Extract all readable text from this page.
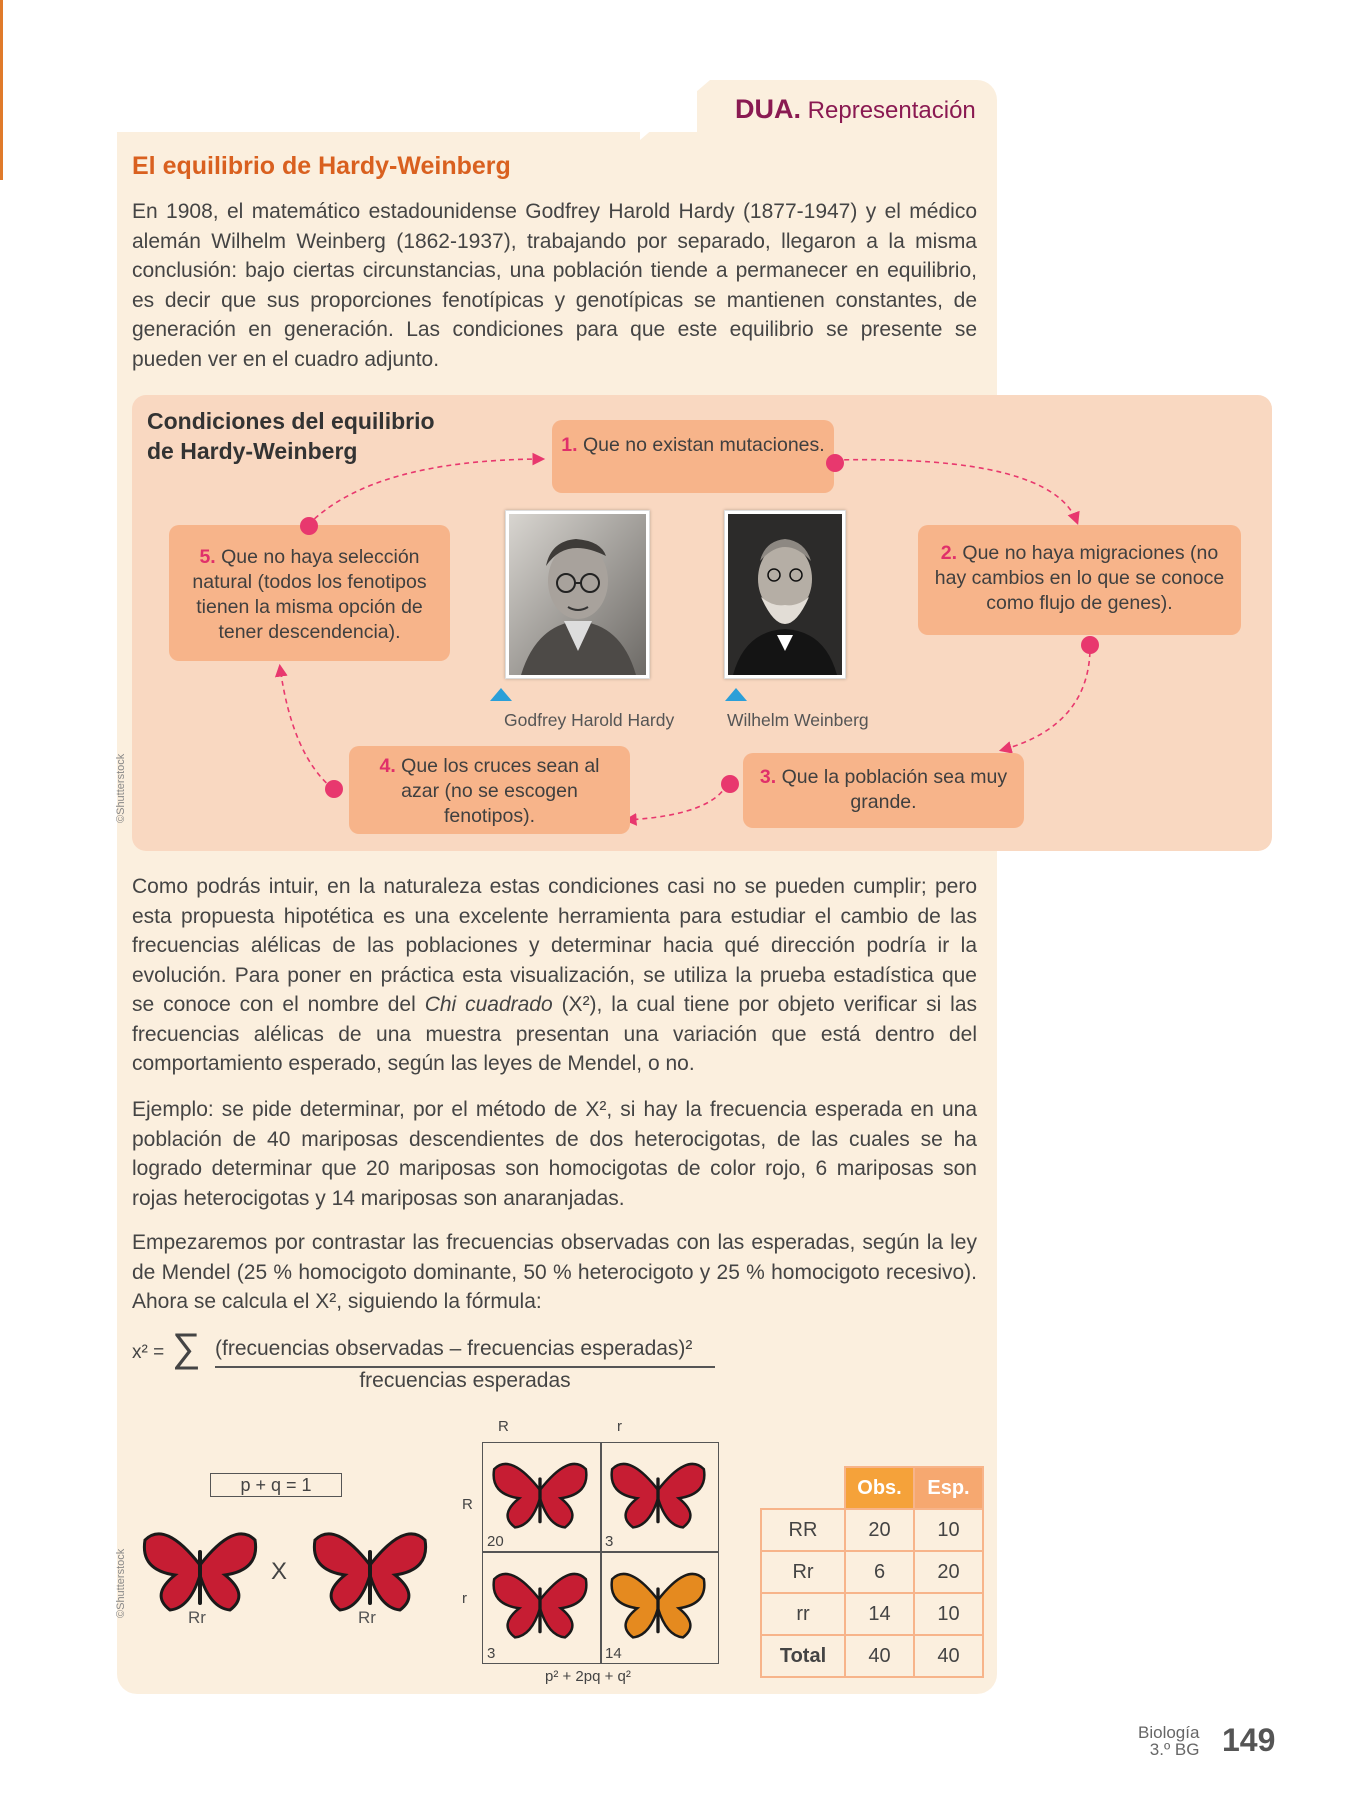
DUA. Representación
El equilibrio de Hardy-Weinberg

En 1908, el matemático estadounidense Godfrey Harold Hardy (1877-1947) y el médico alemán Wilhelm Weinberg (1862-1937), trabajando por separado, llegaron a la misma conclusión: bajo ciertas circunstancias, una población tiende a permanecer en equilibrio, es decir que sus proporciones fenotípicas y genotípicas se mantienen constantes, de generación en generación. Las condiciones para que este equilibrio se presente se pueden ver en el cuadro adjunto.

Condiciones del equilibrio
de Hardy-Weinberg	1. Que no existan mutaciones.
2. Que no haya migraciones (no hay cambios en lo que se conoce como flujo de genes).
3. Que la población sea muy grande.
4. Que los cruces sean al azar (no se escogen fenotipos).
5. Que no haya selección natural (todos los fenotipos tienen la misma opción de tener descendencia).
Godfrey Harold Hardy	Wilhelm Weinberg
©Shutterstock

Como podrás intuir, en la naturaleza estas condiciones casi no se pueden cumplir; pero esta propuesta hipotética es una excelente herramienta para estudiar el cambio de las frecuencias alélicas de las poblaciones y determinar hacia qué dirección podría ir la evolución. Para poner en práctica esta visualización, se utiliza la prueba estadística que se conoce con el nombre del Chi cuadrado (X²), la cual tiene por objeto verificar si las frecuencias alélicas de una muestra presentan una variación que está dentro del comportamiento esperado, según las leyes de Mendel, o no.

Ejemplo: se pide determinar, por el método de X², si hay la frecuencia esperada en una población de 40 mariposas descendientes de dos heterocigotas, de las cuales se ha logrado determinar que 20 mariposas son homocigotas de color rojo, 6 mariposas son rojas heterocigotas y 14 mariposas son anaranjadas.

Empezaremos por contrastar las frecuencias observadas con las esperadas, según la ley de Mendel (25 % homocigoto dominante, 50 % heterocigoto y 25 % homocigoto recesivo). Ahora se calcula el X², siguiendo la fórmula:

x² = ∑ (frecuencias observadas – frecuencias esperadas)²
frecuencias esperadas
p + q = 1
Rr
X
Rr
©Shutterstock
R	r
R
r
20	3
3	14
p² + 2pq + q²
	Obs.	Esp.
RR	20	10
Rr	6	20
rr	14	10
Total	40	40
Biología
3.º BG 149
